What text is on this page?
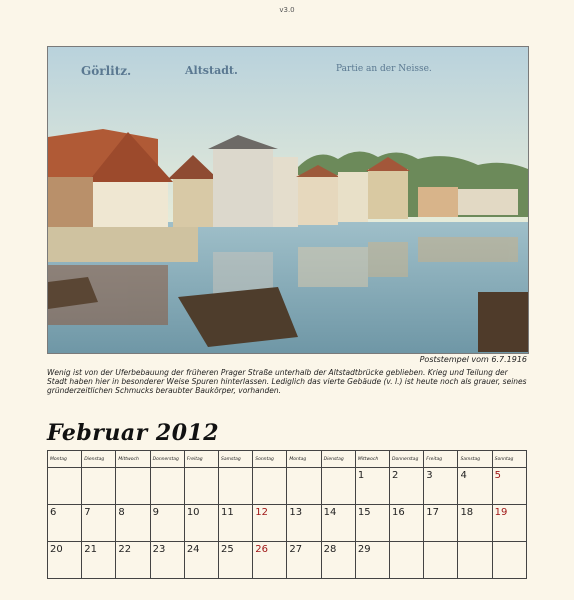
v3.0
Görlitz.	Altstadt.	Partie an der Neisse.
Poststempel vom 6.7.1916
Wenig ist von der Uferbebauung der früheren Prager Straße unterhalb der Altstadtbrücke geblieben. Krieg und Teilung der Stadt haben hier in besonderer Weise Spuren hinterlassen. Lediglich das vierte Gebäude (v. l.) ist heute noch als grauer, seines gründerzeitlichen Schmucks beraubter Baukörper, vorhanden.
Februar 2012
Montag	Dienstag	Mittwoch	Donnerstag	Freitag	Samstag	Sonntag	Montag	Dienstag	Mittwoch	Donnerstag	Freitag	Samstag	Sonntag
									1	2	3	4	5
6	7	8	9	10	11	12	13	14	15	16	17	18	19
20	21	22	23	24	25	26	27	28	29				
